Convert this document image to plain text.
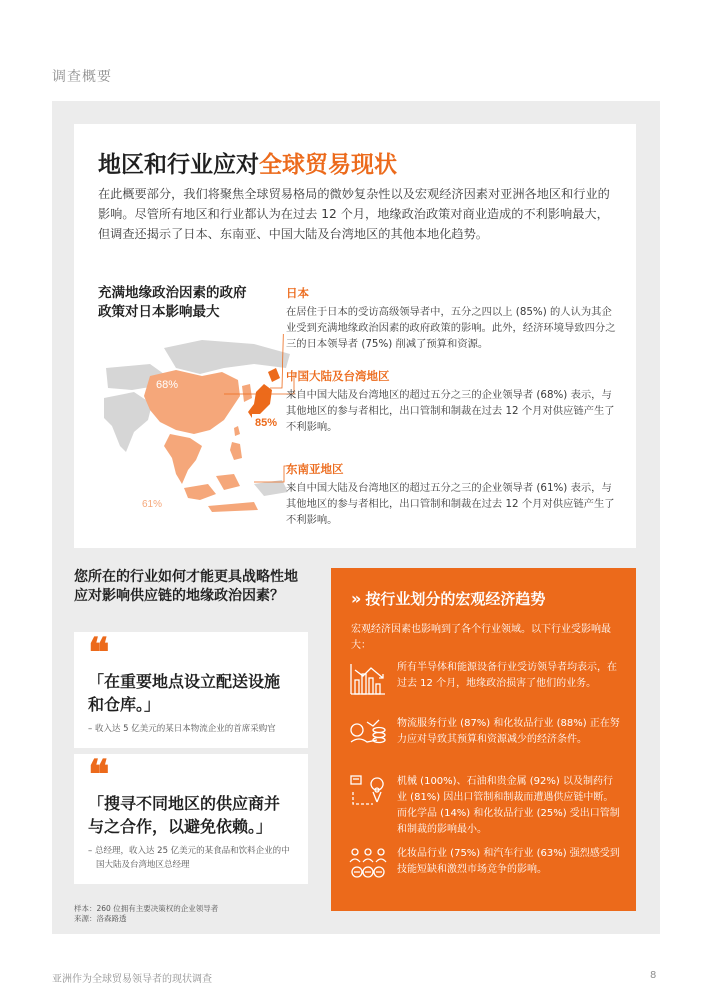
调查概要
地区和行业应对全球贸易现状

在此概要部分，我们将聚焦全球贸易格局的微妙复杂性以及宏观经济因素对亚洲各地区和行业的影响。尽管所有地区和行业都认为在过去 12 个月，地缘政治政策对商业造成的不利影响最大，但调查还揭示了日本、东南亚、中国大陆及台湾地区的其他本地化趋势。

充满地缘政治因素的政府政策对日本影响最大
68%
85%
61%
日本
在居住于日本的受访高级领导者中，五分之四以上 (85%) 的人认为其企业受到充满地缘政治因素的政府政策的影响。此外，经济环境导致四分之三的日本领导者 (75%) 削减了预算和资源。
中国大陆及台湾地区
来自中国大陆及台湾地区的超过五分之三的企业领导者 (68%) 表示，与其他地区的参与者相比，出口管制和制裁在过去 12 个月对供应链产生了不利影响。
东南亚地区
来自中国大陆及台湾地区的超过五分之三的企业领导者 (61%) 表示，与其他地区的参与者相比，出口管制和制裁在过去 12 个月对供应链产生了不利影响。
您所在的行业如何才能更具战略性地应对影响供应链的地缘政治因素？
❝
「在重要地点设立配送设施和仓库。」
– 收入达 5 亿美元的某日本物流企业的首席采购官
❝
「搜寻不同地区的供应商并与之合作，以避免依赖。」
– 总经理，收入达 25 亿美元的某食品和饮料企业的中国大陆及台湾地区总经理
样本：260 位拥有主要决策权的企业领导者
来源：洛森路透
» 按行业划分的宏观经济趋势
宏观经济因素也影响到了各个行业领域。以下行业受影响最大：
所有半导体和能源设备行业受访领导者均表示，在过去 12 个月，地缘政治损害了他们的业务。
物流服务行业 (87%) 和化妆品行业 (88%) 正在努力应对导致其预算和资源减少的经济条件。
机械 (100%)、石油和贵金属 (92%) 以及制药行业 (81%) 因出口管制和制裁而遭遇供应链中断。而化学品 (14%) 和化妆品行业 (25%) 受出口管制和制裁的影响最小。
化妆品行业 (75%) 和汽车行业 (63%) 强烈感受到技能短缺和激烈市场竞争的影响。
亚洲作为全球贸易领导者的现状调查	8
